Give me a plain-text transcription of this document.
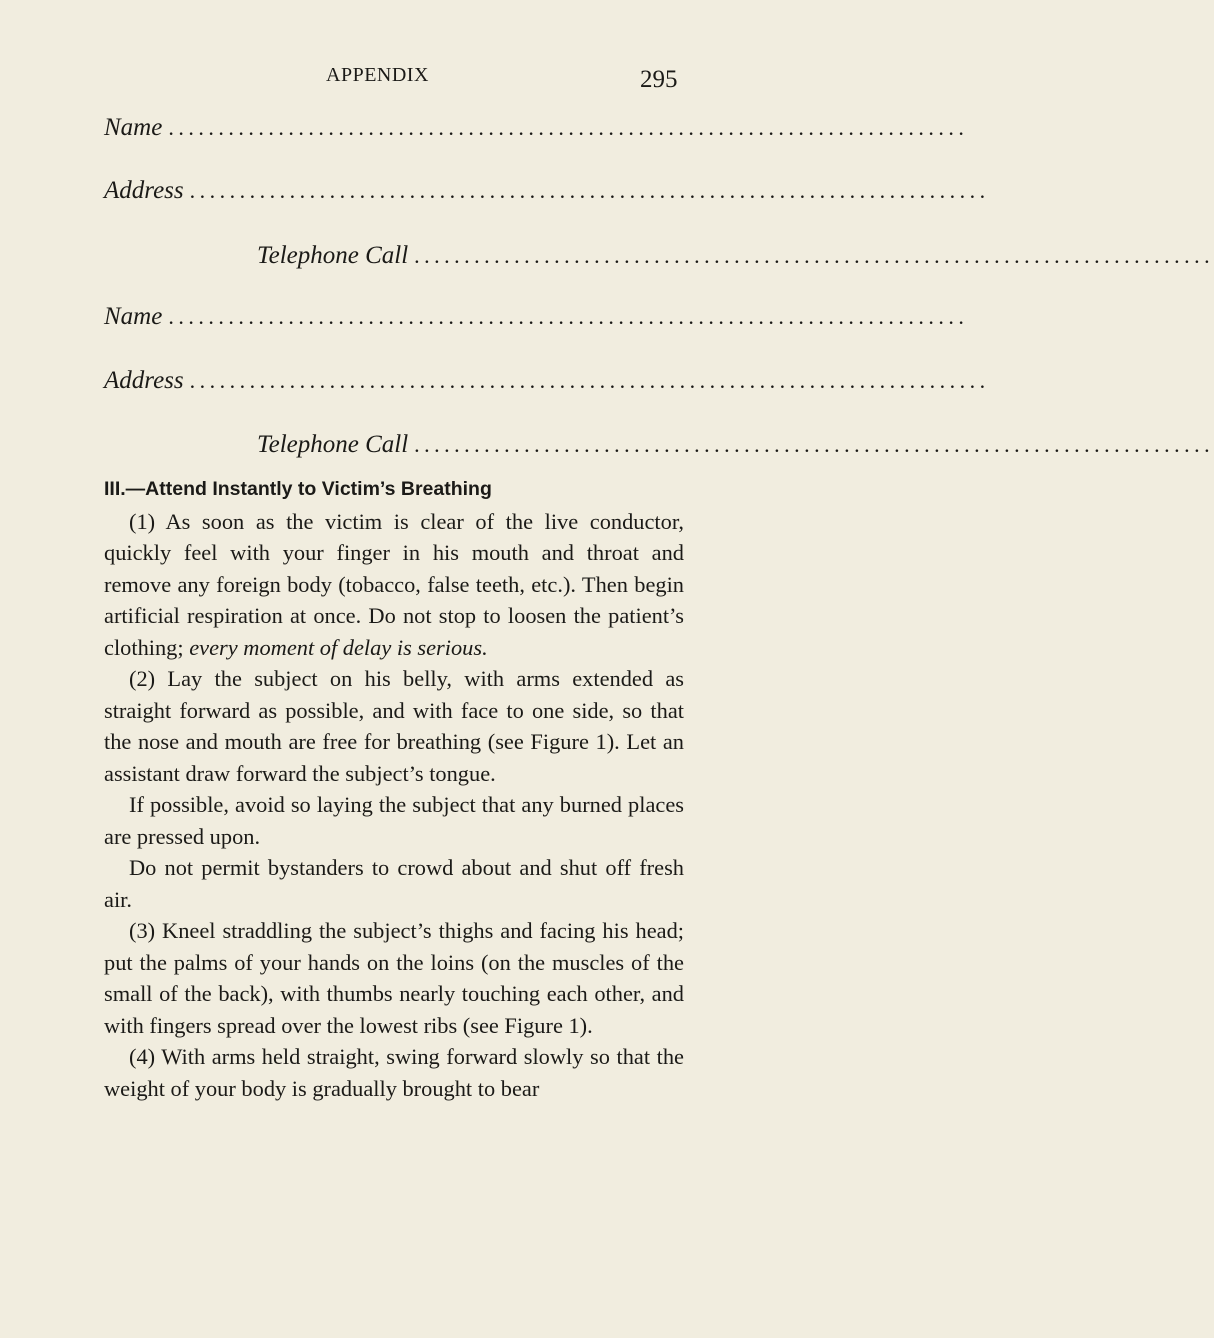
APPENDIX	295
Name ................................................................................
Address ................................................................................
Telephone Call ................................................................................
Name ................................................................................
Address ................................................................................
Telephone Call ................................................................................

III.—Attend Instantly to Victim’s Breathing

(1) As soon as the victim is clear of the live conductor, quickly feel with your finger in his mouth and throat and remove any foreign body (tobacco, false teeth, etc.). Then begin artificial respiration at once. Do not stop to loosen the patient’s clothing; every moment of delay is serious.

(2) Lay the subject on his belly, with arms extended as straight forward as possible, and with face to one side, so that the nose and mouth are free for breathing (see Figure 1). Let an assistant draw forward the subject’s tongue.

If possible, avoid so laying the subject that any burned places are pressed upon.

Do not permit bystanders to crowd about and shut off fresh air.

(3) Kneel straddling the subject’s thighs and facing his head; put the palms of your hands on the loins (on the muscles of the small of the back), with thumbs nearly touching each other, and with fingers spread over the lowest ribs (see Figure 1).

(4) With arms held straight, swing forward slowly so that the weight of your body is gradually brought to bear
